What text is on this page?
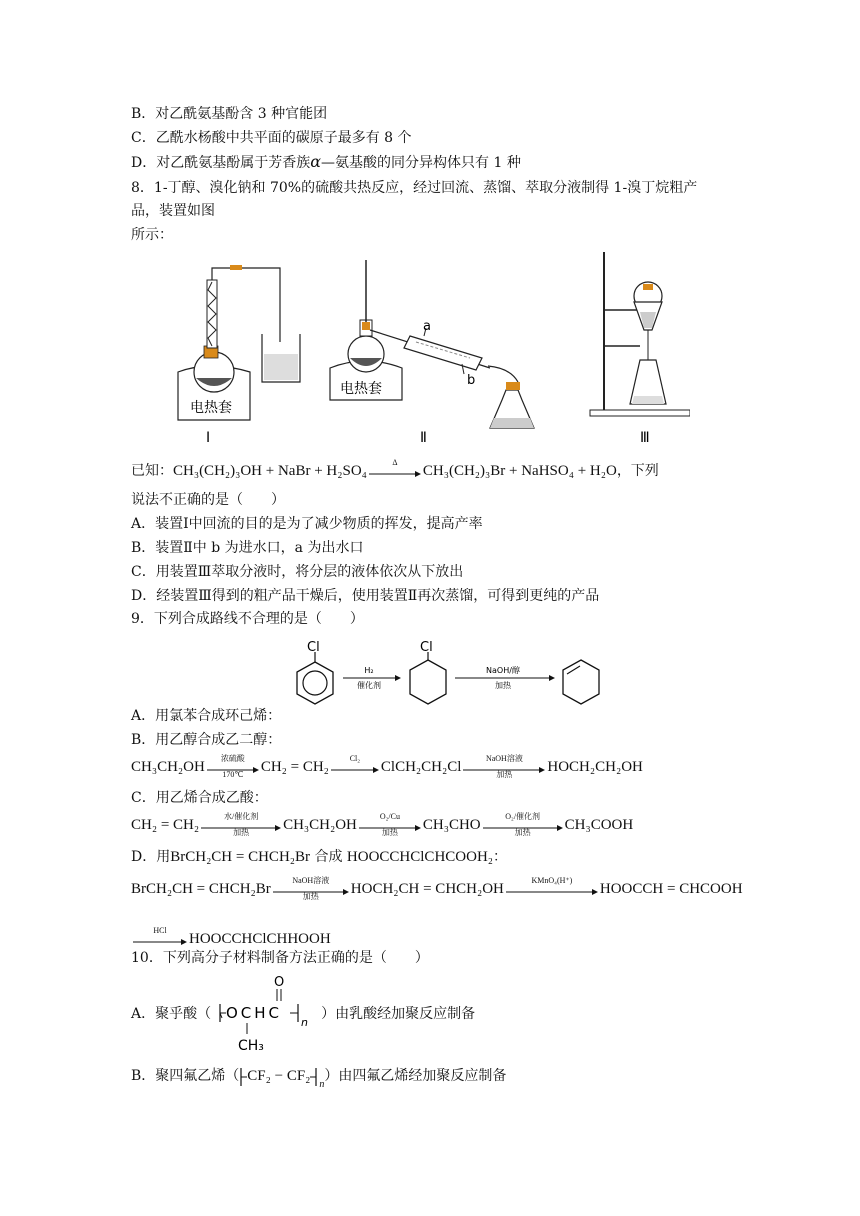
B．对乙酰氨基酚含 3 种官能团
C．乙酰水杨酸中共平面的碳原子最多有 8 个
D．对乙酰氨基酚属于芳香族α—氨基酸的同分异构体只有 1 种
8．1-丁醇、溴化钠和 70%的硫酸共热反应，经过回流、蒸馏、萃取分液制得 1-溴丁烷粗产
品，装置如图
所示：
电热套
Ⅰ
a
b
电热套
Ⅱ	Ⅲ
已知：CH₃(CH₂)₃OH + NaBr + H₂SO₄
Δ
CH₃(CH₂)₃Br + NaHSO₄ + H₂O，下列
说法不正确的是（　　）
A．装置Ⅰ中回流的目的是为了减少物质的挥发，提高产率
B．装置Ⅱ中 b 为进水口，a 为出水口
C．用装置Ⅲ萃取分液时，将分层的液体依次从下放出
D．经装置Ⅲ得到的粗产品干燥后，使用装置Ⅱ再次蒸馏，可得到更纯的产品
9．下列合成路线不合理的是（　　）
Cl
H₂
催化剂
Cl
NaOH/醇
加热
A．用氯苯合成环己烯：
B．用乙醇合成乙二醇：
CH₃CH₂OH
浓硫酸
170℃	CH₂ = CH₂
Cl₂
ClCH₂CH₂Cl
NaOH溶液
加热	HOCH₂CH₂OH
C．用乙烯合成乙酸：
CH₂ = CH₂
水/催化剂
加热	CH₃CH₂OH
O₂/Cu
加热	CH₃CHO
O₂/催化剂
加热	CH₃COOH
D．用BrCH₂CH = CHCH₂Br 合成 HOOCCHClCHCOOH₂：
BrCH₂CH = CHCH₂Br
NaOH溶液
加热	HOCH₂CH = CHCH₂OH
KMnO₄(H⁺)
HOOCCH = CHCOOH
HCl
HOOCCHClCHHOOH
10．下列高分子材料制备方法正确的是（　　）
A．聚乎酸（	）由乳酸经加聚反应制备
O
OCHC
n
CH₃
B．聚四氟乙烯（ CF₂ − CF₂
n
）由四氟乙烯经加聚反应制备
